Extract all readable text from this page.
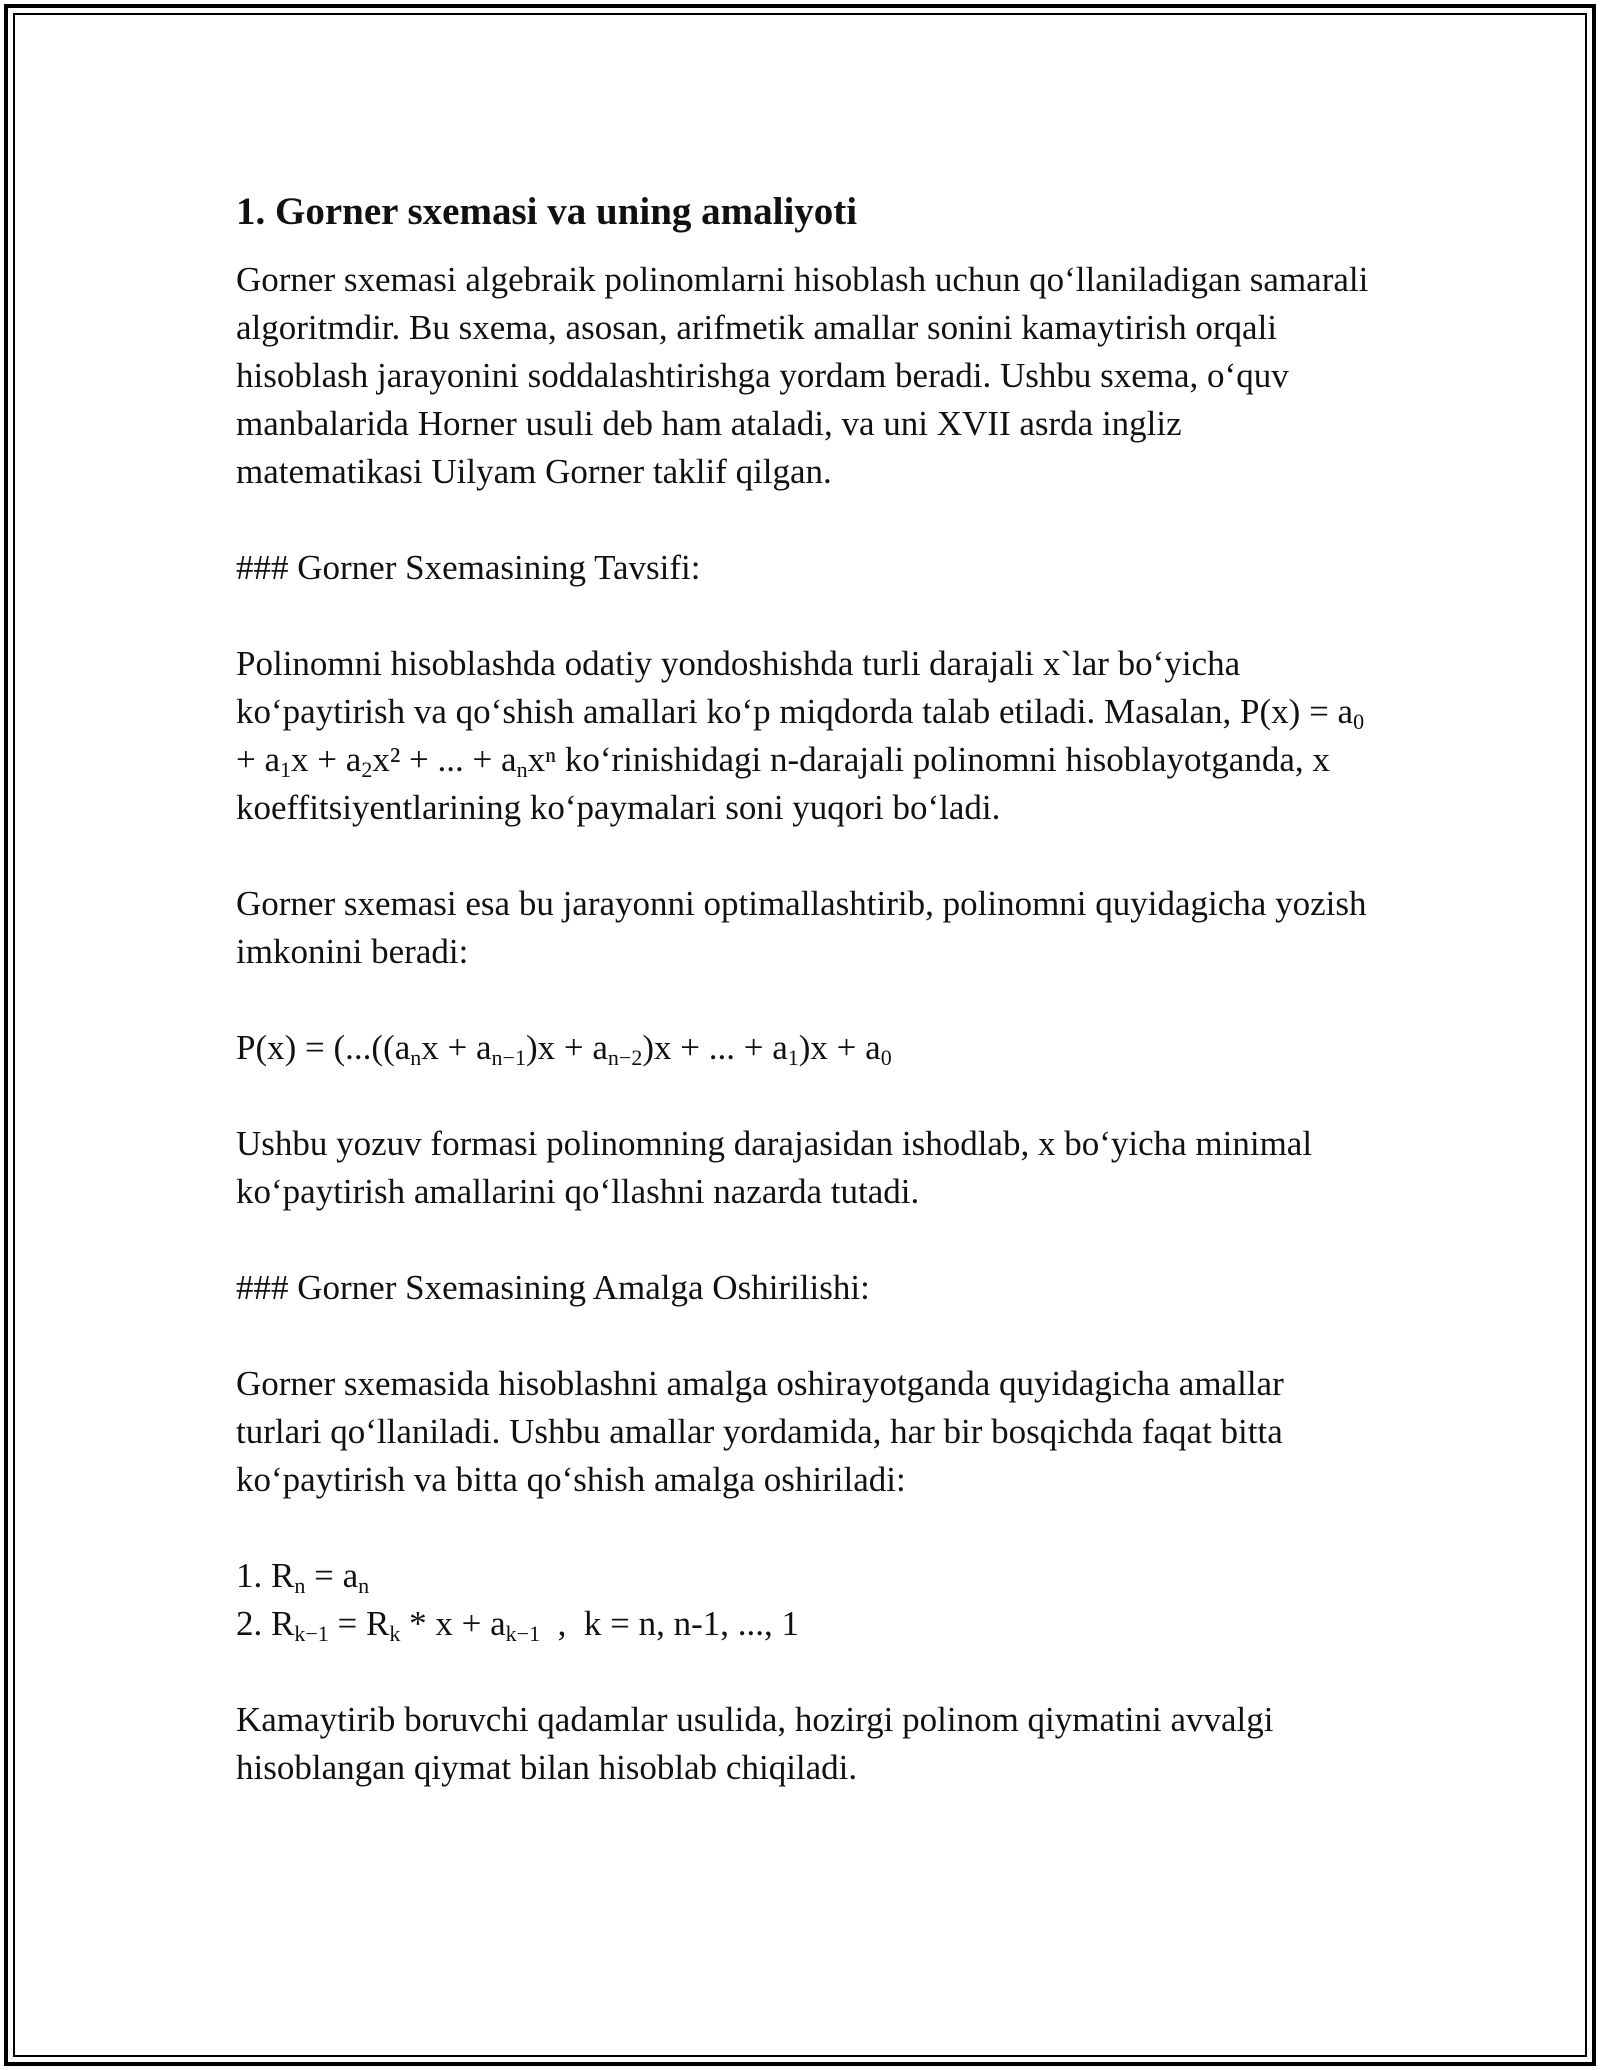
1. Gorner sxemasi va uning amaliyoti

Gorner sxemasi algebraik polinomlarni hisoblash uchun qo‘llaniladigan samarali algoritmdir. Bu sxema, asosan, arifmetik amallar sonini kamaytirish orqali hisoblash jarayonini soddalashtirishga yordam beradi. Ushbu sxema, o‘quv manbalarida Horner usuli deb ham ataladi, va uni XVII asrda ingliz matematikasi Uilyam Gorner taklif qilgan.

### Gorner Sxemasining Tavsifi:

Polinomni hisoblashda odatiy yondoshishda turli darajali x`lar bo‘yicha ko‘paytirish va qo‘shish amallari ko‘p miqdorda talab etiladi. Masalan, $P(x) = a_0 + a_1x + a_2x^2$ + ... + $a_nx^n$ ko‘rinishidagi n-darajali polinomni hisoblayotganda, x koeffitsiyentlarining ko‘paymalari soni yuqori bo‘ladi.

Gorner sxemasi esa bu jarayonni optimallashtirib, polinomni quyidagicha yozish imkonini beradi:

$P(x) = (...((a_nx + a_{n-1})x + a_{n-2})x$ + ... + $a_1)x + a_0$

Ushbu yozuv formasi polinomning darajasidan ishodlab, x bo‘yicha minimal ko‘paytirish amallarini qo‘llashni nazarda tutadi.

### Gorner Sxemasining Amalga Oshirilishi:

Gorner sxemasida hisoblashni amalga oshirayotganda quyidagicha amallar turlari qo‘llaniladi. Ushbu amallar yordamida, har bir bosqichda faqat bitta ko‘paytirish va bitta qo‘shish amalga oshiriladi:

1. $R_n = a_n$
2. $R_{k-1} = R_k * x + a_{k-1}$  ,  k = n, n-1, ..., 1

Kamaytirib boruvchi qadamlar usulida, hozirgi polinom qiymatini avvalgi hisoblangan qiymat bilan hisoblab chiqiladi.
